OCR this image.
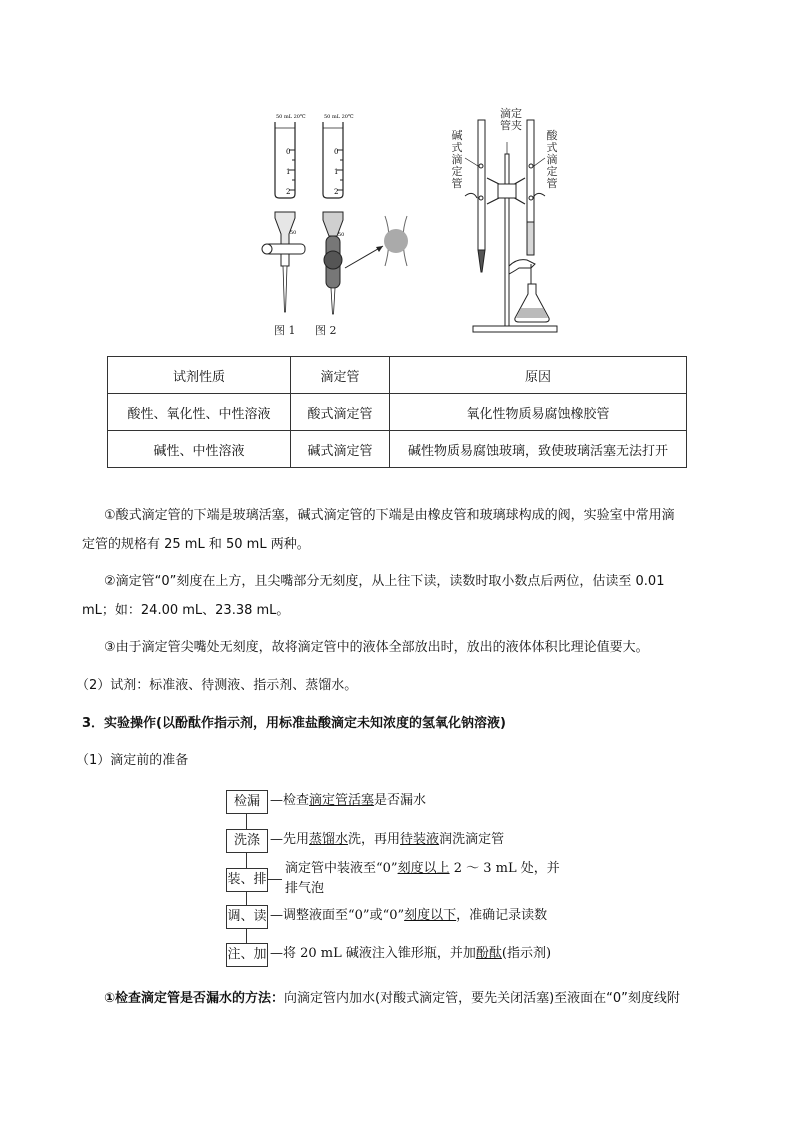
50 mL 20℃
0
1
2
50
50 mL 20℃
0
1
2
50
图 1 图 2
滴定
管夹
碱
式
滴
定
管
酸
式
滴
定
管
试剂性质	滴定管	原因
酸性、氧化性、中性溶液	酸式滴定管	氧化性物质易腐蚀橡胶管
碱性、中性溶液	碱式滴定管	碱性物质易腐蚀玻璃，致使玻璃活塞无法打开
①酸式滴定管的下端是玻璃活塞，碱式滴定管的下端是由橡皮管和玻璃球构成的阀，实验室中常用滴
定管的规格有 25 mL 和 50 mL 两种。
②滴定管“0”刻度在上方，且尖嘴部分无刻度，从上往下读，读数时取小数点后两位，估读至 0.01
mL；如：24.00 mL、23.38 mL。
③由于滴定管尖嘴处无刻度，故将滴定管中的液体全部放出时，放出的液体体积比理论值要大。
（2）试剂：标准液、待测液、指示剂、蒸馏水。
3．实验操作(以酚酞作指示剂，用标准盐酸滴定未知浓度的氢氧化钠溶液)
（1）滴定前的准备
检漏 —检查滴定管活塞是否漏水
洗涤 —先用蒸馏水洗，再用待装液润洗滴定管
装、排
滴定管中装液至“0”刻度以上 2 ～ 3 mL 处，并
排气泡
调、读 —调整液面至“0”或“0”刻度以下，准确记录读数
注、加 —将 20 mL 碱液注入锥形瓶，并加酚酞(指示剂)
①检查滴定管是否漏水的方法：向滴定管内加水(对酸式滴定管，要先关闭活塞)至液面在“0”刻度线附
